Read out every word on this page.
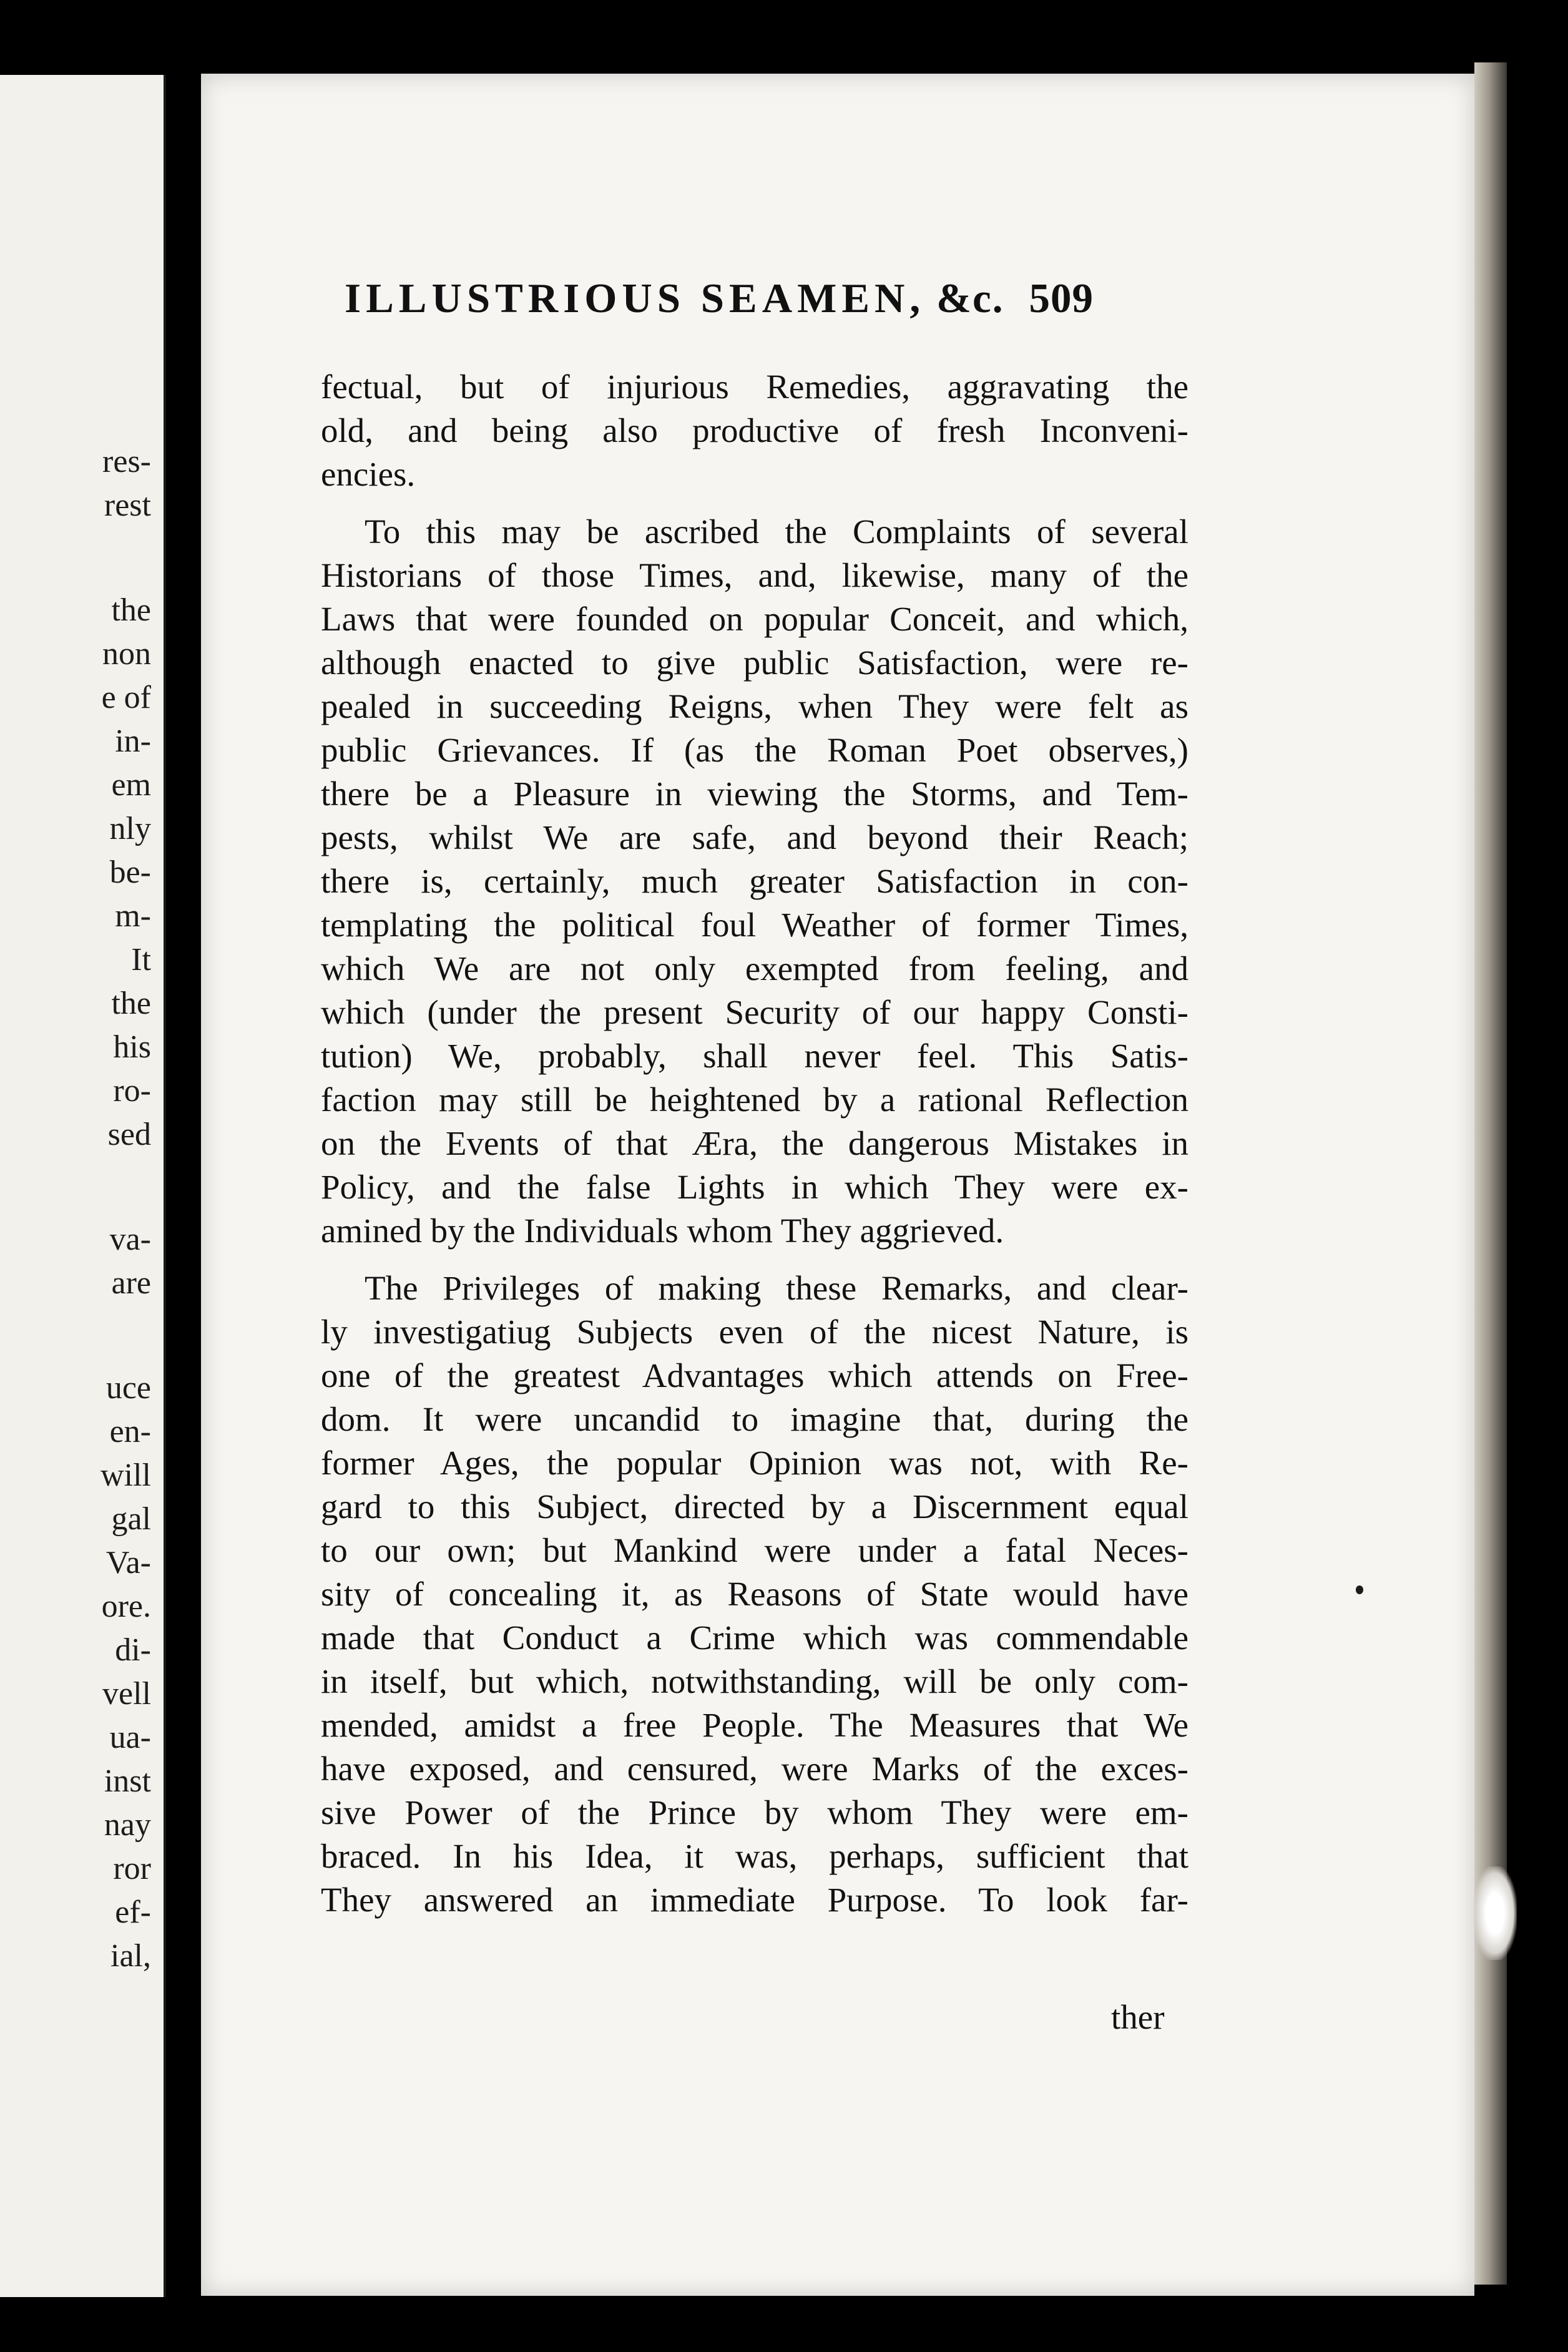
res-
rest
the
non
e of
in-
em
nly
be-
m-
It
the
his
ro-
sed
va-
are
uce
en-
will
gal
Va-
ore.
di-
vell
ua-
inst
nay
ror
ef-
ial,
ILLUSTRIOUS SEAMEN, &c. 509
fectual, but of injurious Remedies, aggravating the
old, and being also productive of fresh Inconveni-
encies.
To this may be ascribed the Complaints of several
Historians of those Times, and, likewise, many of the
Laws that were founded on popular Conceit, and which,
although enacted to give public Satisfaction, were re-
pealed in succeeding Reigns, when They were felt as
public Grievances. If (as the Roman Poet observes,)
there be a Pleasure in viewing the Storms, and Tem-
pests, whilst We are safe, and beyond their Reach;
there is, certainly, much greater Satisfaction in con-
templating the political foul Weather of former Times,
which We are not only exempted from feeling, and
which (under the present Security of our happy Consti-
tution) We, probably, shall never feel. This Satis-
faction may still be heightened by a rational Reflection
on the Events of that Æra, the dangerous Mistakes in
Policy, and the false Lights in which They were ex-
amined by the Individuals whom They aggrieved.
The Privileges of making these Remarks, and clear-
ly investigatiug Subjects even of the nicest Nature, is
one of the greatest Advantages which attends on Free-
dom. It were uncandid to imagine that, during the
former Ages, the popular Opinion was not, with Re-
gard to this Subject, directed by a Discernment equal
to our own; but Mankind were under a fatal Neces-
sity of concealing it, as Reasons of State would have
made that Conduct a Crime which was commendable
in itself, but which, notwithstanding, will be only com-
mended, amidst a free People. The Measures that We
have exposed, and censured, were Marks of the exces-
sive Power of the Prince by whom They were em-
braced. In his Idea, it was, perhaps, sufficient that
They answered an immediate Purpose. To look far-
ther
